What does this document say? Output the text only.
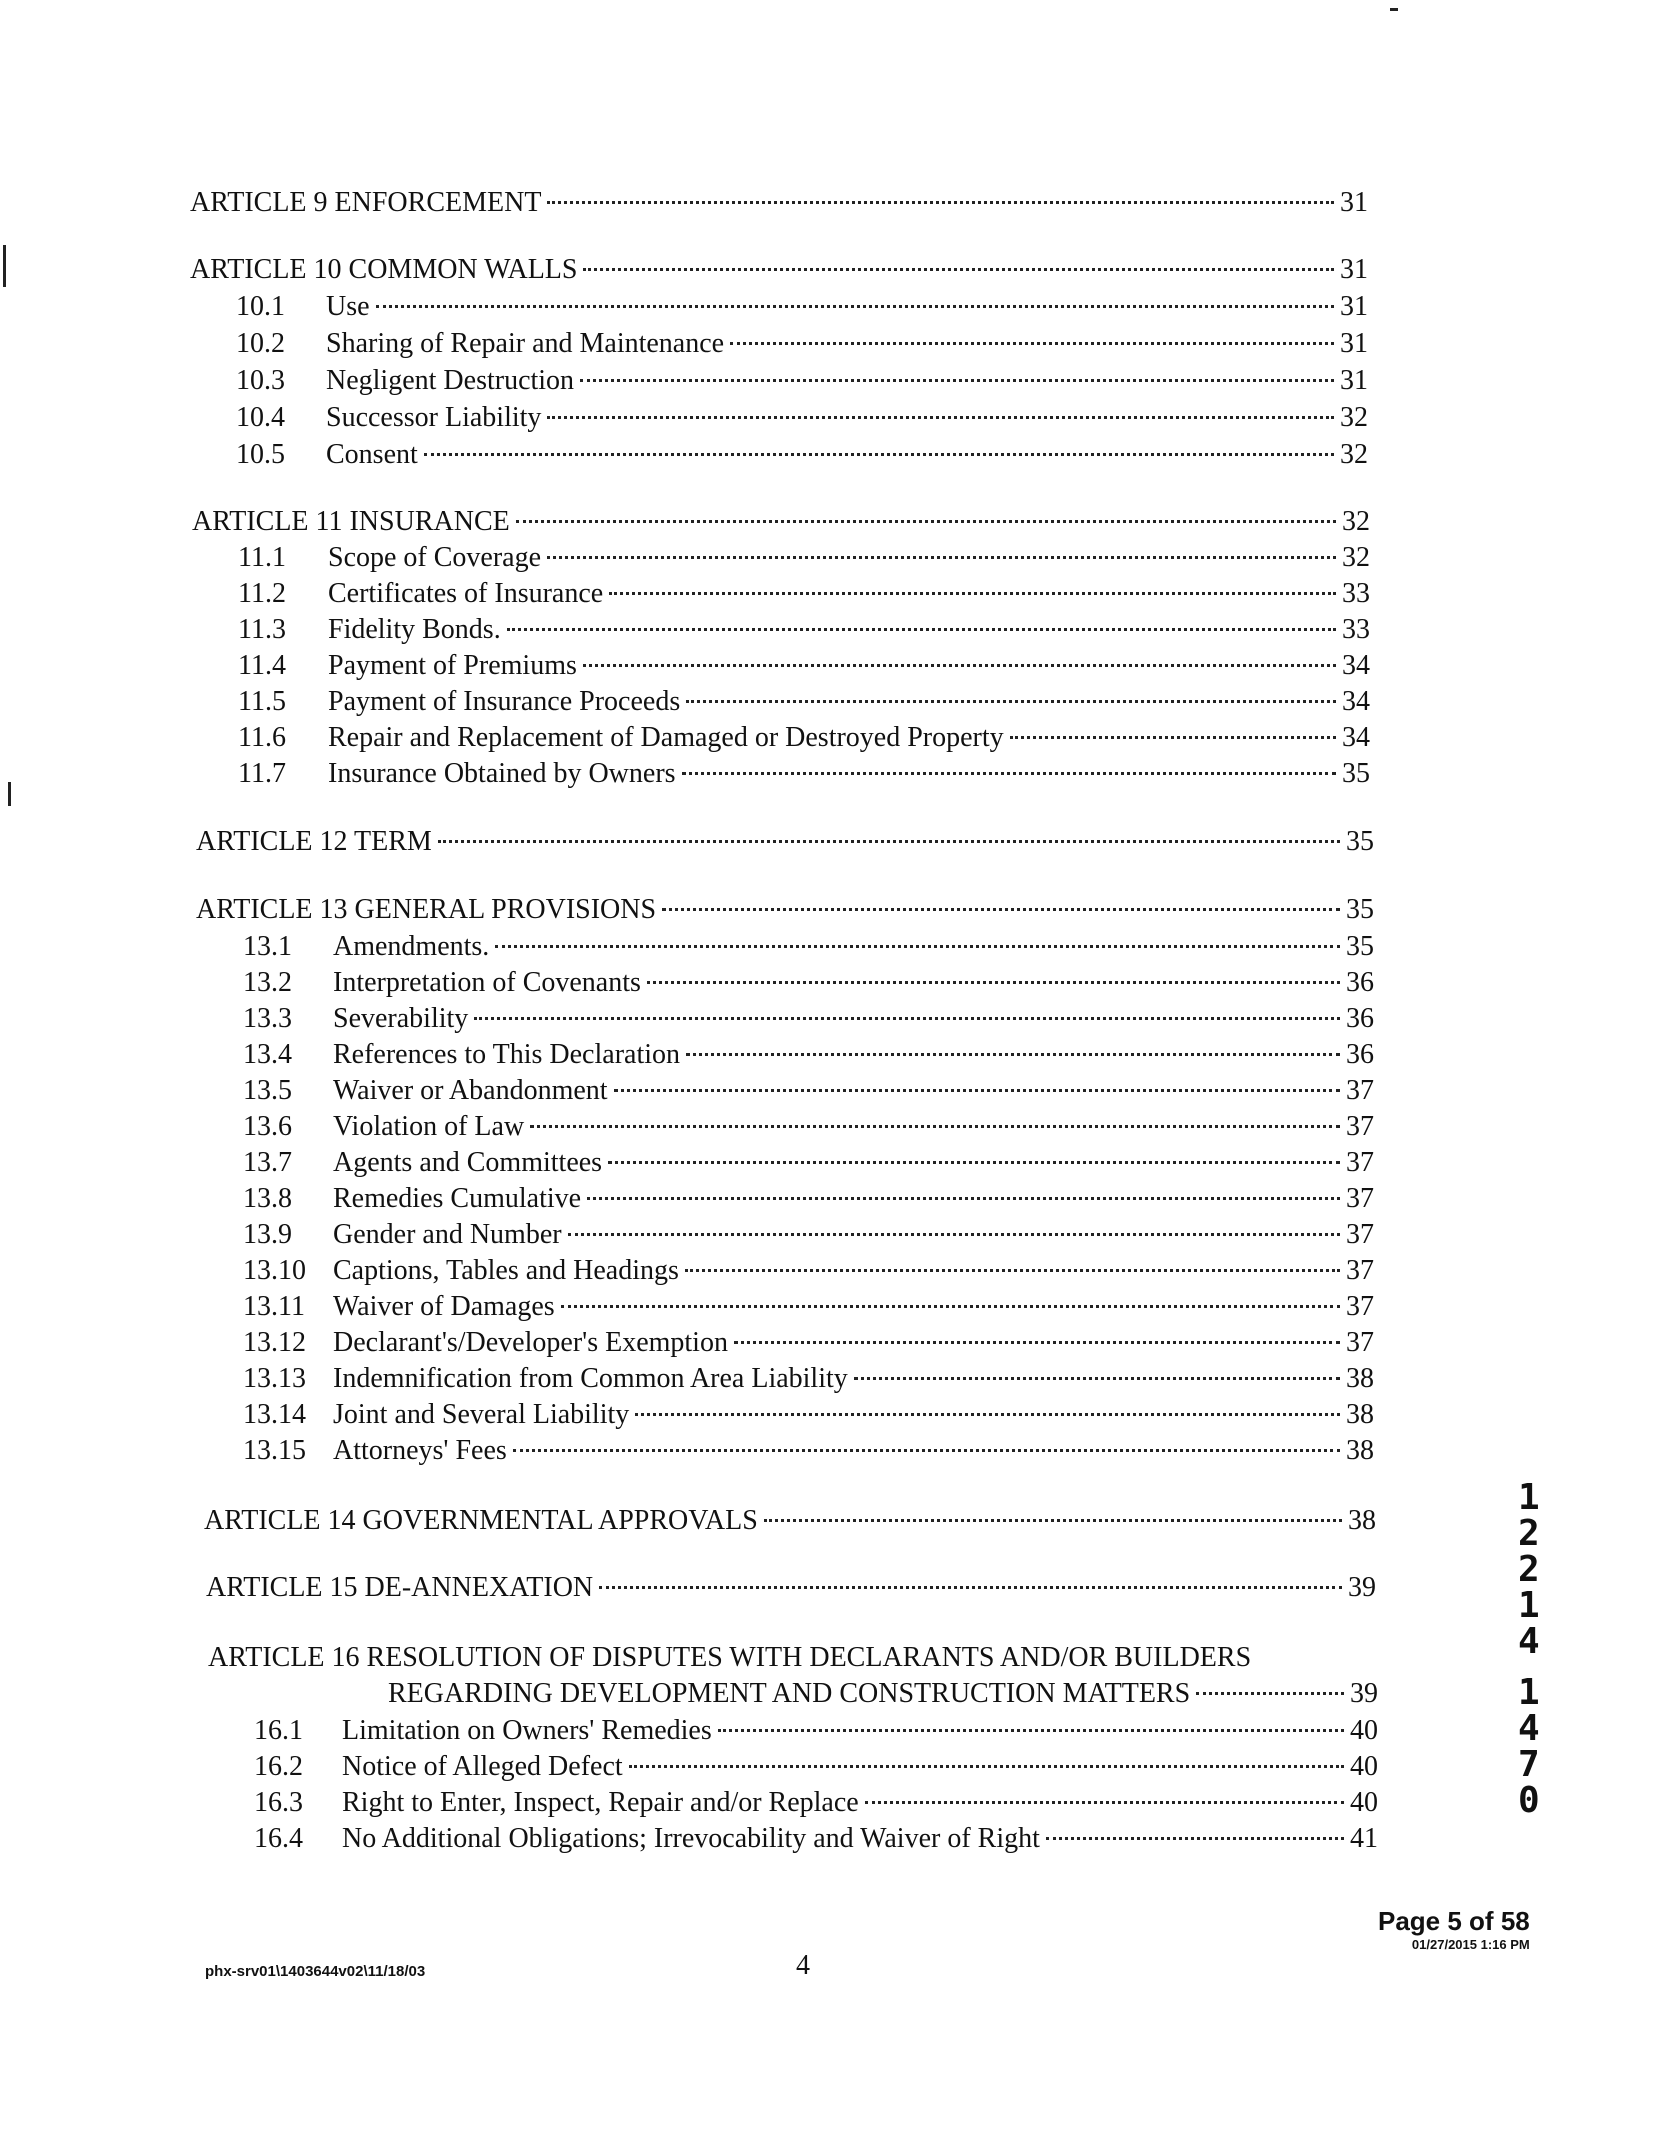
ARTICLE 9 ENFORCEMENT	31
ARTICLE 10 COMMON WALLS	31
10.1	Use	31
10.2	Sharing of Repair and Maintenance	31
10.3	Negligent Destruction	31
10.4	Successor Liability	32
10.5	Consent	32
ARTICLE 11 INSURANCE	32
11.1	Scope of Coverage	32
11.2	Certificates of Insurance	33
11.3	Fidelity Bonds.	33
11.4	Payment of Premiums	34
11.5	Payment of Insurance Proceeds	34
11.6	Repair and Replacement of Damaged or Destroyed Property	34
11.7	Insurance Obtained by Owners	35
ARTICLE 12 TERM	35
ARTICLE 13 GENERAL PROVISIONS	35
13.1	Amendments.	35
13.2	Interpretation of Covenants	36
13.3	Severability	36
13.4	References to This Declaration	36
13.5	Waiver or Abandonment	37
13.6	Violation of Law	37
13.7	Agents and Committees	37
13.8	Remedies Cumulative	37
13.9	Gender and Number	37
13.10 Captions, Tables and Headings	37
13.11	Waiver of Damages	37
13.12 Declarant's/Developer's Exemption	37
13.13 Indemnification from Common Area Liability	38
13.14 Joint and Several Liability	38
13.15 Attorneys' Fees	38
ARTICLE 14 GOVERNMENTAL APPROVALS	38
ARTICLE 15 DE-ANNEXATION	39
ARTICLE 16 RESOLUTION OF DISPUTES WITH DECLARANTS AND/OR BUILDERS
REGARDING DEVELOPMENT AND CONSTRUCTION MATTERS	39
16.1	Limitation on Owners' Remedies	40
16.2	Notice of Alleged Defect	40
16.3	Right to Enter, Inspect, Repair and/or Replace	40
16.4	No Additional Obligations; Irrevocability and Waiver of Right	41
1
2
2
1
4
1
4
7
0
Page 5 of 58
01/27/2015 1:16 PM
phx-srv01\1403644v02\11/18/03	4
